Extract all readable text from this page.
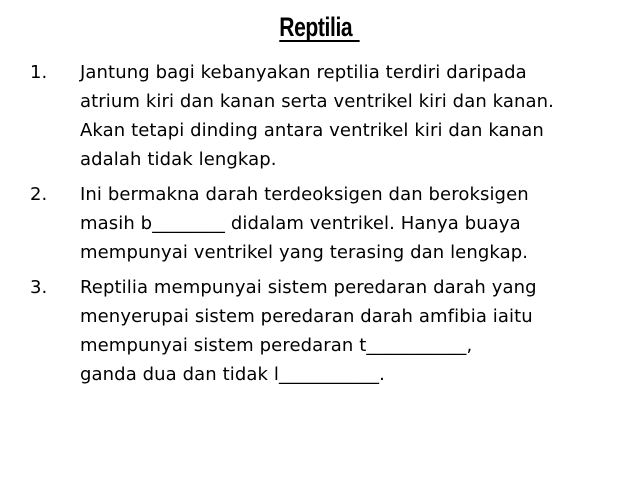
Reptilia
1.	Jantung bagi kebanyakan reptilia terdiri daripada
atrium kiri dan kanan serta ventrikel kiri dan kanan.
Akan tetapi dinding antara ventrikel kiri dan kanan
adalah tidak lengkap.
2.	Ini bermakna darah terdeoksigen dan beroksigen
masih b________ didalam ventrikel. Hanya buaya
mempunyai ventrikel yang terasing dan lengkap.
3.	Reptilia mempunyai sistem peredaran darah yang
menyerupai sistem peredaran darah amfibia iaitu
mempunyai sistem peredaran t___________,
ganda dua dan tidak l___________.
